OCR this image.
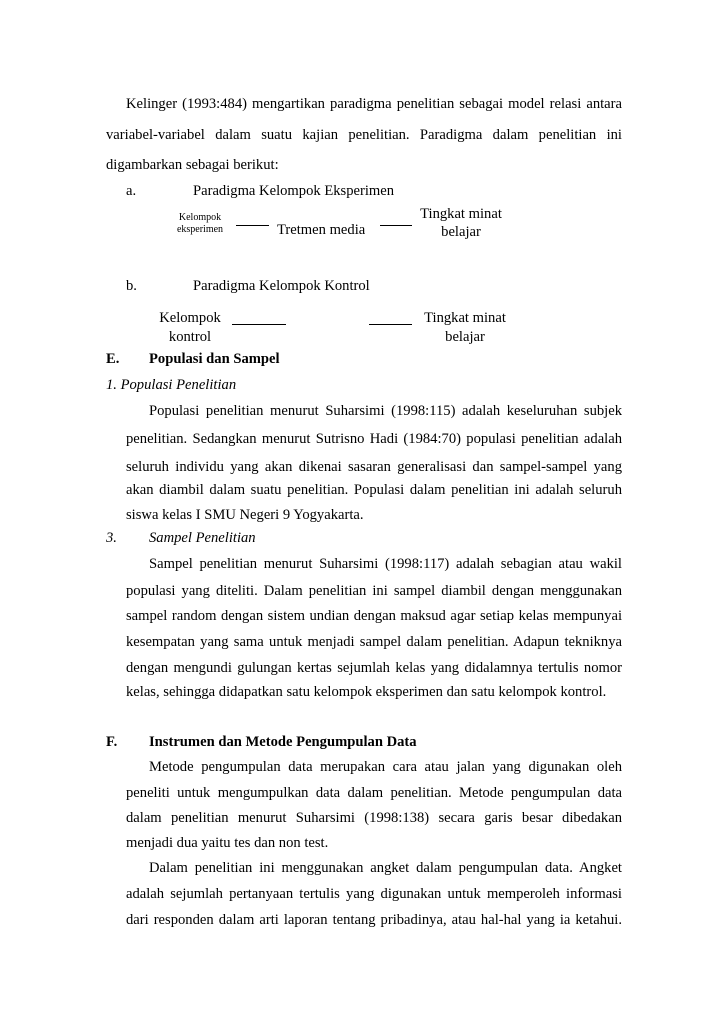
Kelinger (1993:484) mengartikan paradigma penelitian sebagai model relasi antara
variabel-variabel dalam suatu kajian penelitian. Paradigma dalam penelitian ini
digambarkan sebagai berikut:
a.	Paradigma Kelompok Eksperimen
Kelompok
eksperimen	Tretmen media

Tingkat minat
belajar
b.	Paradigma Kelompok Kontrol
Kelompok
kontrol
Tingkat minat
belajar
E. Populasi dan Sampel
1. Populasi Penelitian
Populasi penelitian menurut Suharsimi (1998:115) adalah keseluruhan subjek
penelitian. Sedangkan menurut Sutrisno Hadi (1984:70) populasi penelitian adalah
seluruh individu yang akan dikenai sasaran generalisasi dan sampel-sampel yang
akan diambil dalam suatu penelitian. Populasi dalam penelitian ini adalah seluruh
siswa kelas I SMU Negeri 9 Yogyakarta.
3. Sampel Penelitian
Sampel penelitian menurut Suharsimi (1998:117) adalah sebagian atau wakil
populasi yang diteliti. Dalam penelitian ini sampel diambil dengan menggunakan
sampel random dengan sistem undian dengan maksud agar setiap kelas mempunyai
kesempatan yang sama untuk menjadi sampel dalam penelitian. Adapun tekniknya
dengan mengundi gulungan kertas sejumlah kelas yang didalamnya tertulis nomor
kelas, sehingga didapatkan satu kelompok eksperimen dan satu kelompok kontrol.
F. Instrumen dan Metode Pengumpulan Data
Metode pengumpulan data merupakan cara atau jalan yang digunakan oleh
peneliti untuk mengumpulkan data dalam penelitian. Metode pengumpulan data
dalam penelitian menurut Suharsimi (1998:138) secara garis besar dibedakan
menjadi dua yaitu tes dan non test.
Dalam penelitian ini menggunakan angket dalam pengumpulan data. Angket
adalah sejumlah pertanyaan tertulis yang digunakan untuk memperoleh informasi
dari responden dalam arti laporan tentang pribadinya, atau hal-hal yang ia ketahui.
